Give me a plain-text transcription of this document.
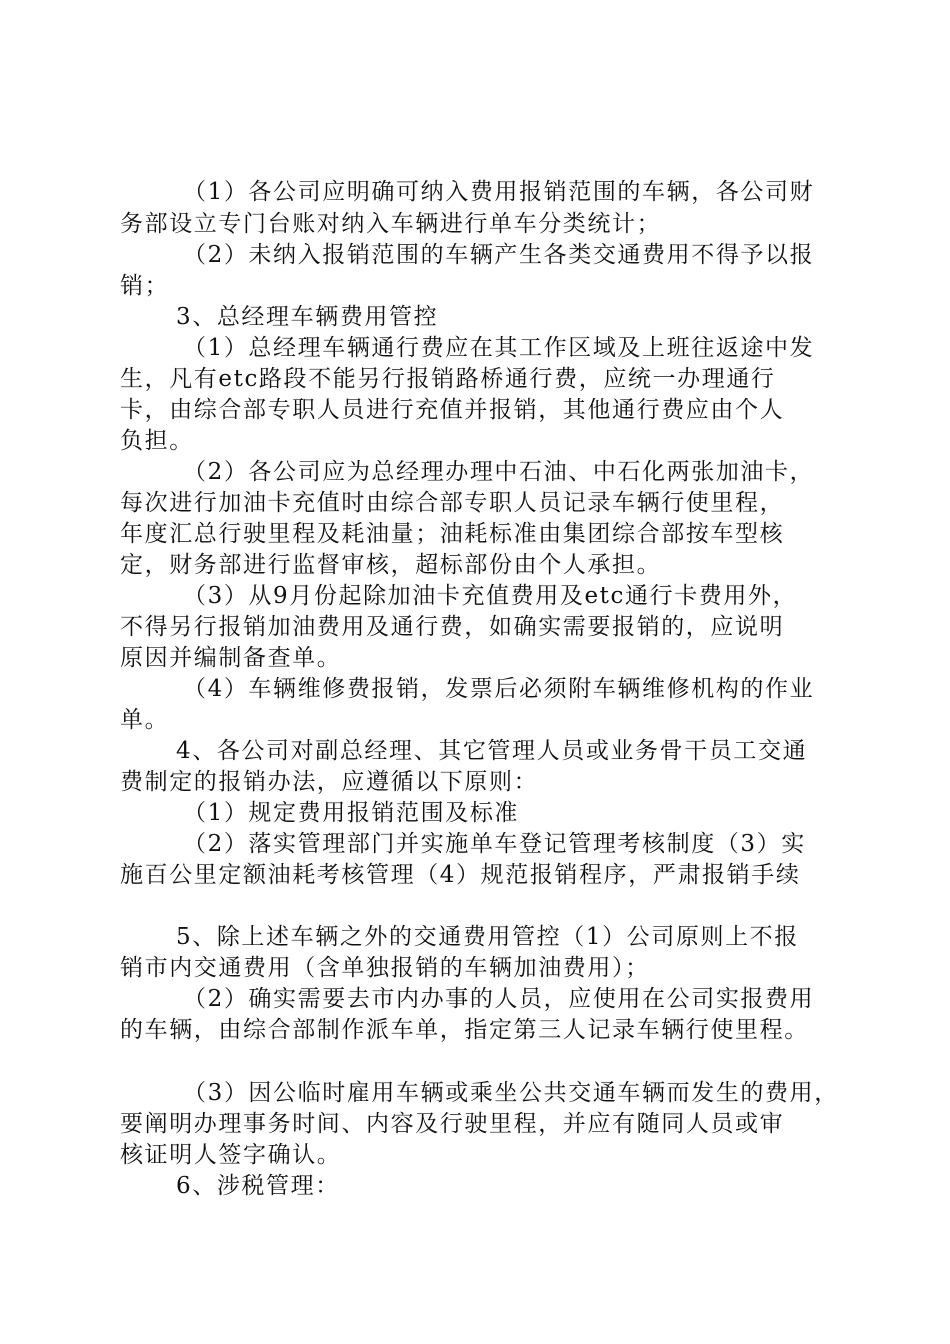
（1）各公司应明确可纳入费用报销范围的车辆，各公司财
务部设立专门台账对纳入车辆进行单车分类统计；
（2）未纳入报销范围的车辆产生各类交通费用不得予以报
销；
3、总经理车辆费用管控
（1）总经理车辆通行费应在其工作区域及上班往返途中发
生，凡有etc路段不能另行报销路桥通行费，应统一办理通行
卡，由综合部专职人员进行充值并报销，其他通行费应由个人
负担。
（2）各公司应为总经理办理中石油、中石化两张加油卡，
每次进行加油卡充值时由综合部专职人员记录车辆行使里程，
年度汇总行驶里程及耗油量；油耗标准由集团综合部按车型核
定，财务部进行监督审核，超标部份由个人承担。
（3）从9月份起除加油卡充值费用及etc通行卡费用外，
不得另行报销加油费用及通行费，如确实需要报销的，应说明
原因并编制备查单。
（4）车辆维修费报销，发票后必须附车辆维修机构的作业
单。
4、各公司对副总经理、其它管理人员或业务骨干员工交通
费制定的报销办法，应遵循以下原则：
（1）规定费用报销范围及标准
（2）落实管理部门并实施单车登记管理考核制度（3）实
施百公里定额油耗考核管理（4）规范报销程序，严肃报销手续
5、除上述车辆之外的交通费用管控（1）公司原则上不报
销市内交通费用（含单独报销的车辆加油费用）；
（2）确实需要去市内办事的人员，应使用在公司实报费用
的车辆，由综合部制作派车单，指定第三人记录车辆行使里程。
（3）因公临时雇用车辆或乘坐公共交通车辆而发生的费用，
要阐明办理事务时间、内容及行驶里程，并应有随同人员或审
核证明人签字确认。
6、涉税管理：
